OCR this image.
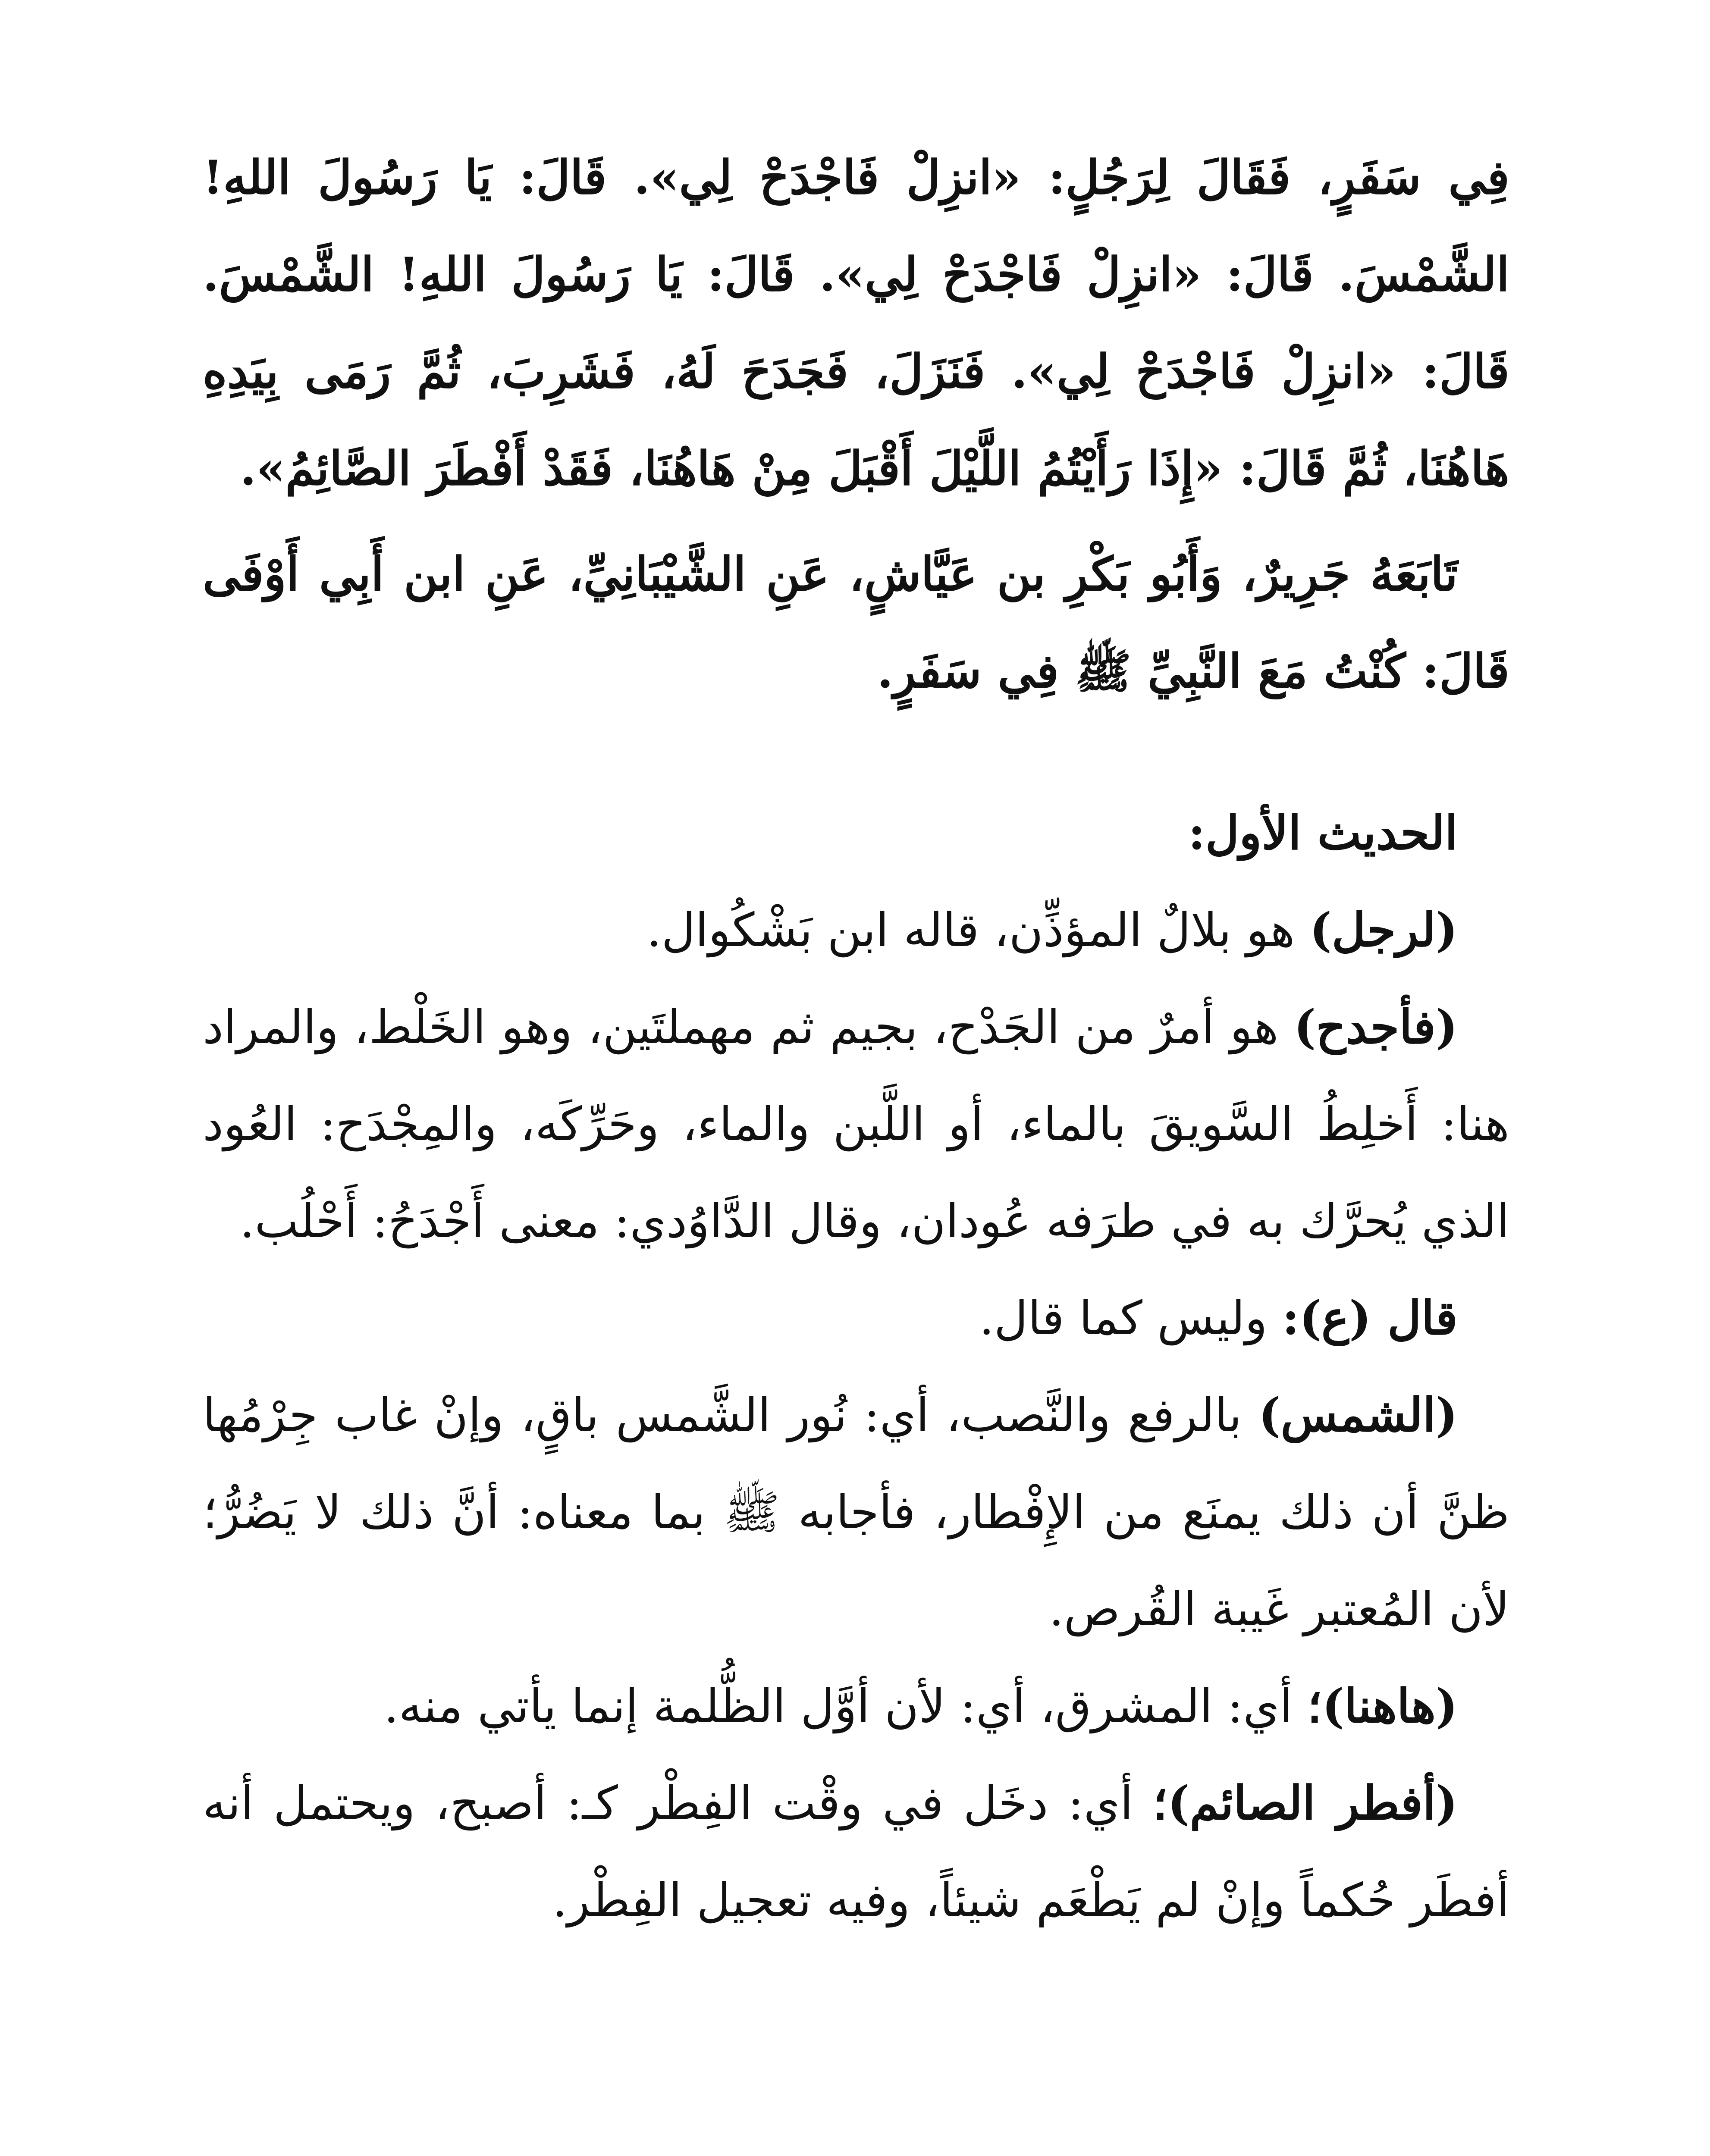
فِي سَفَرٍ، فَقَالَ لِرَجُلٍ: «انزِلْ فَاجْدَحْ لِي». قَالَ: يَا رَسُولَ اللهِ! الشَّمْسَ. قَالَ: «انزِلْ فَاجْدَحْ لِي». قَالَ: يَا رَسُولَ اللهِ! الشَّمْسَ. قَالَ: «انزِلْ فَاجْدَحْ لِي». فَنَزَلَ، فَجَدَحَ لَهُ، فَشَرِبَ، ثُمَّ رَمَى بِيَدِهِ هَاهُنَا، ثُمَّ قَالَ: «إِذَا رَأَيْتُمُ اللَّيْلَ أَقْبَلَ مِنْ هَاهُنَا، فَقَدْ أَفْطَرَ الصَّائِمُ».

تَابَعَهُ جَرِيرٌ، وَأَبُو بَكْرِ بن عَيَّاشٍ، عَنِ الشَّيْبَانِيِّ، عَنِ ابن أَبِي أَوْفَى قَالَ: كُنْتُ مَعَ النَّبِيِّ ﷺ فِي سَفَرٍ.

الحديث الأول:

(لرجل) هو بلالٌ المؤذِّن، قاله ابن بَشْكُوال.

(فأجدح) هو أمرٌ من الجَدْح، بجيم ثم مهملتَين، وهو الخَلْط، والمراد هنا: أَخلِطُ السَّويقَ بالماء، أو اللَّبن والماء، وحَرِّكَه، والمِجْدَح: العُود الذي يُحرَّك به في طرَفه عُودان، وقال الدَّاوُدي: معنى أَجْدَحُ: أَحْلُب.

قال (ع): وليس كما قال.

(الشمس) بالرفع والنَّصب، أي: نُور الشَّمس باقٍ، وإنْ غاب جِرْمُها ظنَّ أن ذلك يمنَع من الإِفْطار، فأجابه ﷺ بما معناه: أنَّ ذلك لا يَضُرُّ؛ لأن المُعتبر غَيبة القُرص.

(هاهنا)؛ أي: المشرق، أي: لأن أوَّل الظُّلمة إنما يأتي منه.

(أفطر الصائم)؛ أي: دخَل في وقْت الفِطْر كـ: أصبح، ويحتمل أنه أفطَر حُكماً وإنْ لم يَطْعَم شيئاً، وفيه تعجيل الفِطْر.
